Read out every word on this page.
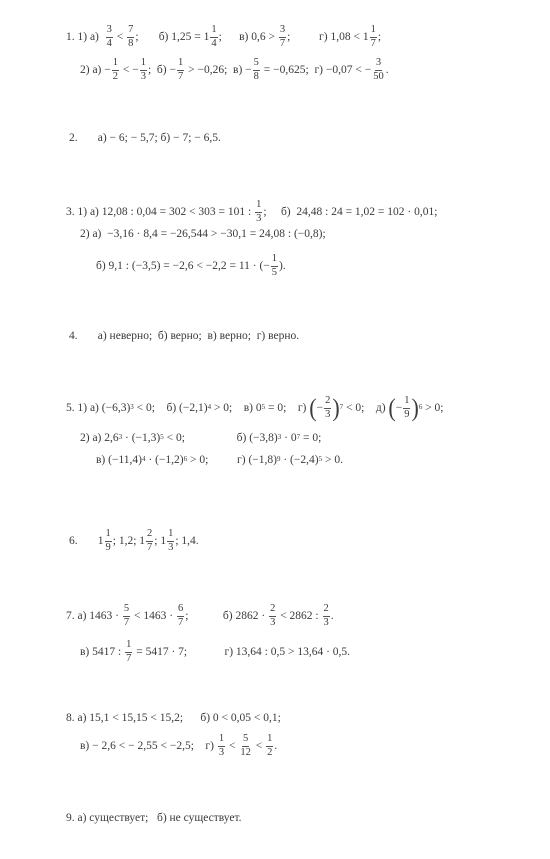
1. 1) $а) \frac{3}{4} < \frac{7}{8}$ ;       б) $1,25 = 1 \frac{1}{4}$ ;      в) $0,6 > \frac{3}{7}$ ;          г) $1,08 < 1 \frac{1}{7}$ ;
2) $а) - \frac{1}{2}$ < − $\frac{1}{3}$ ;  $б) - \frac{1}{7} > -0,26$;  $в) - \frac{5}{8} = -0,625$;  г) −0,07 < − $\frac{3}{50}$ .
2.       а) − 6; − 5,7; б) − 7; − 6,5.
3. 1) а) 12,08 : 0,04 = 302 < 303 = 101 : $\frac{1}{3}$ ;     б)  24,48 : 24 = 1,02 = 102 · 0,01;
2) а)  −3,16 · 8,4 = −26,544 > −30,1 = 24,08 : (−0,8);
б) 9,1 : (−3,5) = −2,6 < −2,2 = 11 · (− $\frac{1}{5}$ ).
4.       а) неверно;  б) верно;  в) верно;  г) верно.
5. 1) а) $(-6,3)^3 < 0$;    б) $(-2,1)^4 > 0$;    в) $0^5 = 0$;    г) ( − $\frac{2}{3} )^7 < 0$;    д) ( − $\frac{1}{9} )^6 > 0$;
2) а) $2,6^3 \cdot (-1,3)^5 < 0$;                  б) $(-3,8)^3 \cdot 0^7 = 0$;
в) $(-11,4)^4 \cdot (-1,2)^6 > 0$;          г) $(-1,8)^9 \cdot (-2,4)^5 > 0$.
6.       $1 \frac{1}{9}$ ; 1,2; $1 \frac{2}{7}$ ; $1 \frac{1}{3}$ ; 1,4.
7. а) $1463 \cdot \frac{5}{7} < 1463 \cdot \frac{6}{7}$ ;            б) $2862 \cdot \frac{2}{3} < 2862$ : $\frac{2}{3}$ .
в) 5417 : $\frac{1}{7} = 5417 \cdot 7$;             г) 13,64 : 0,5 > 13,64 · 0,5.
8. а) 15,1 < 15,15 < 15,2;      б) 0 < 0,05 < 0,1;
в) − 2,6 < − 2,55 < −2,5;    $г) \frac{1}{3} < \frac{5}{12} < \frac{1}{2}$ .
9. а) существует;   б) не существует.
